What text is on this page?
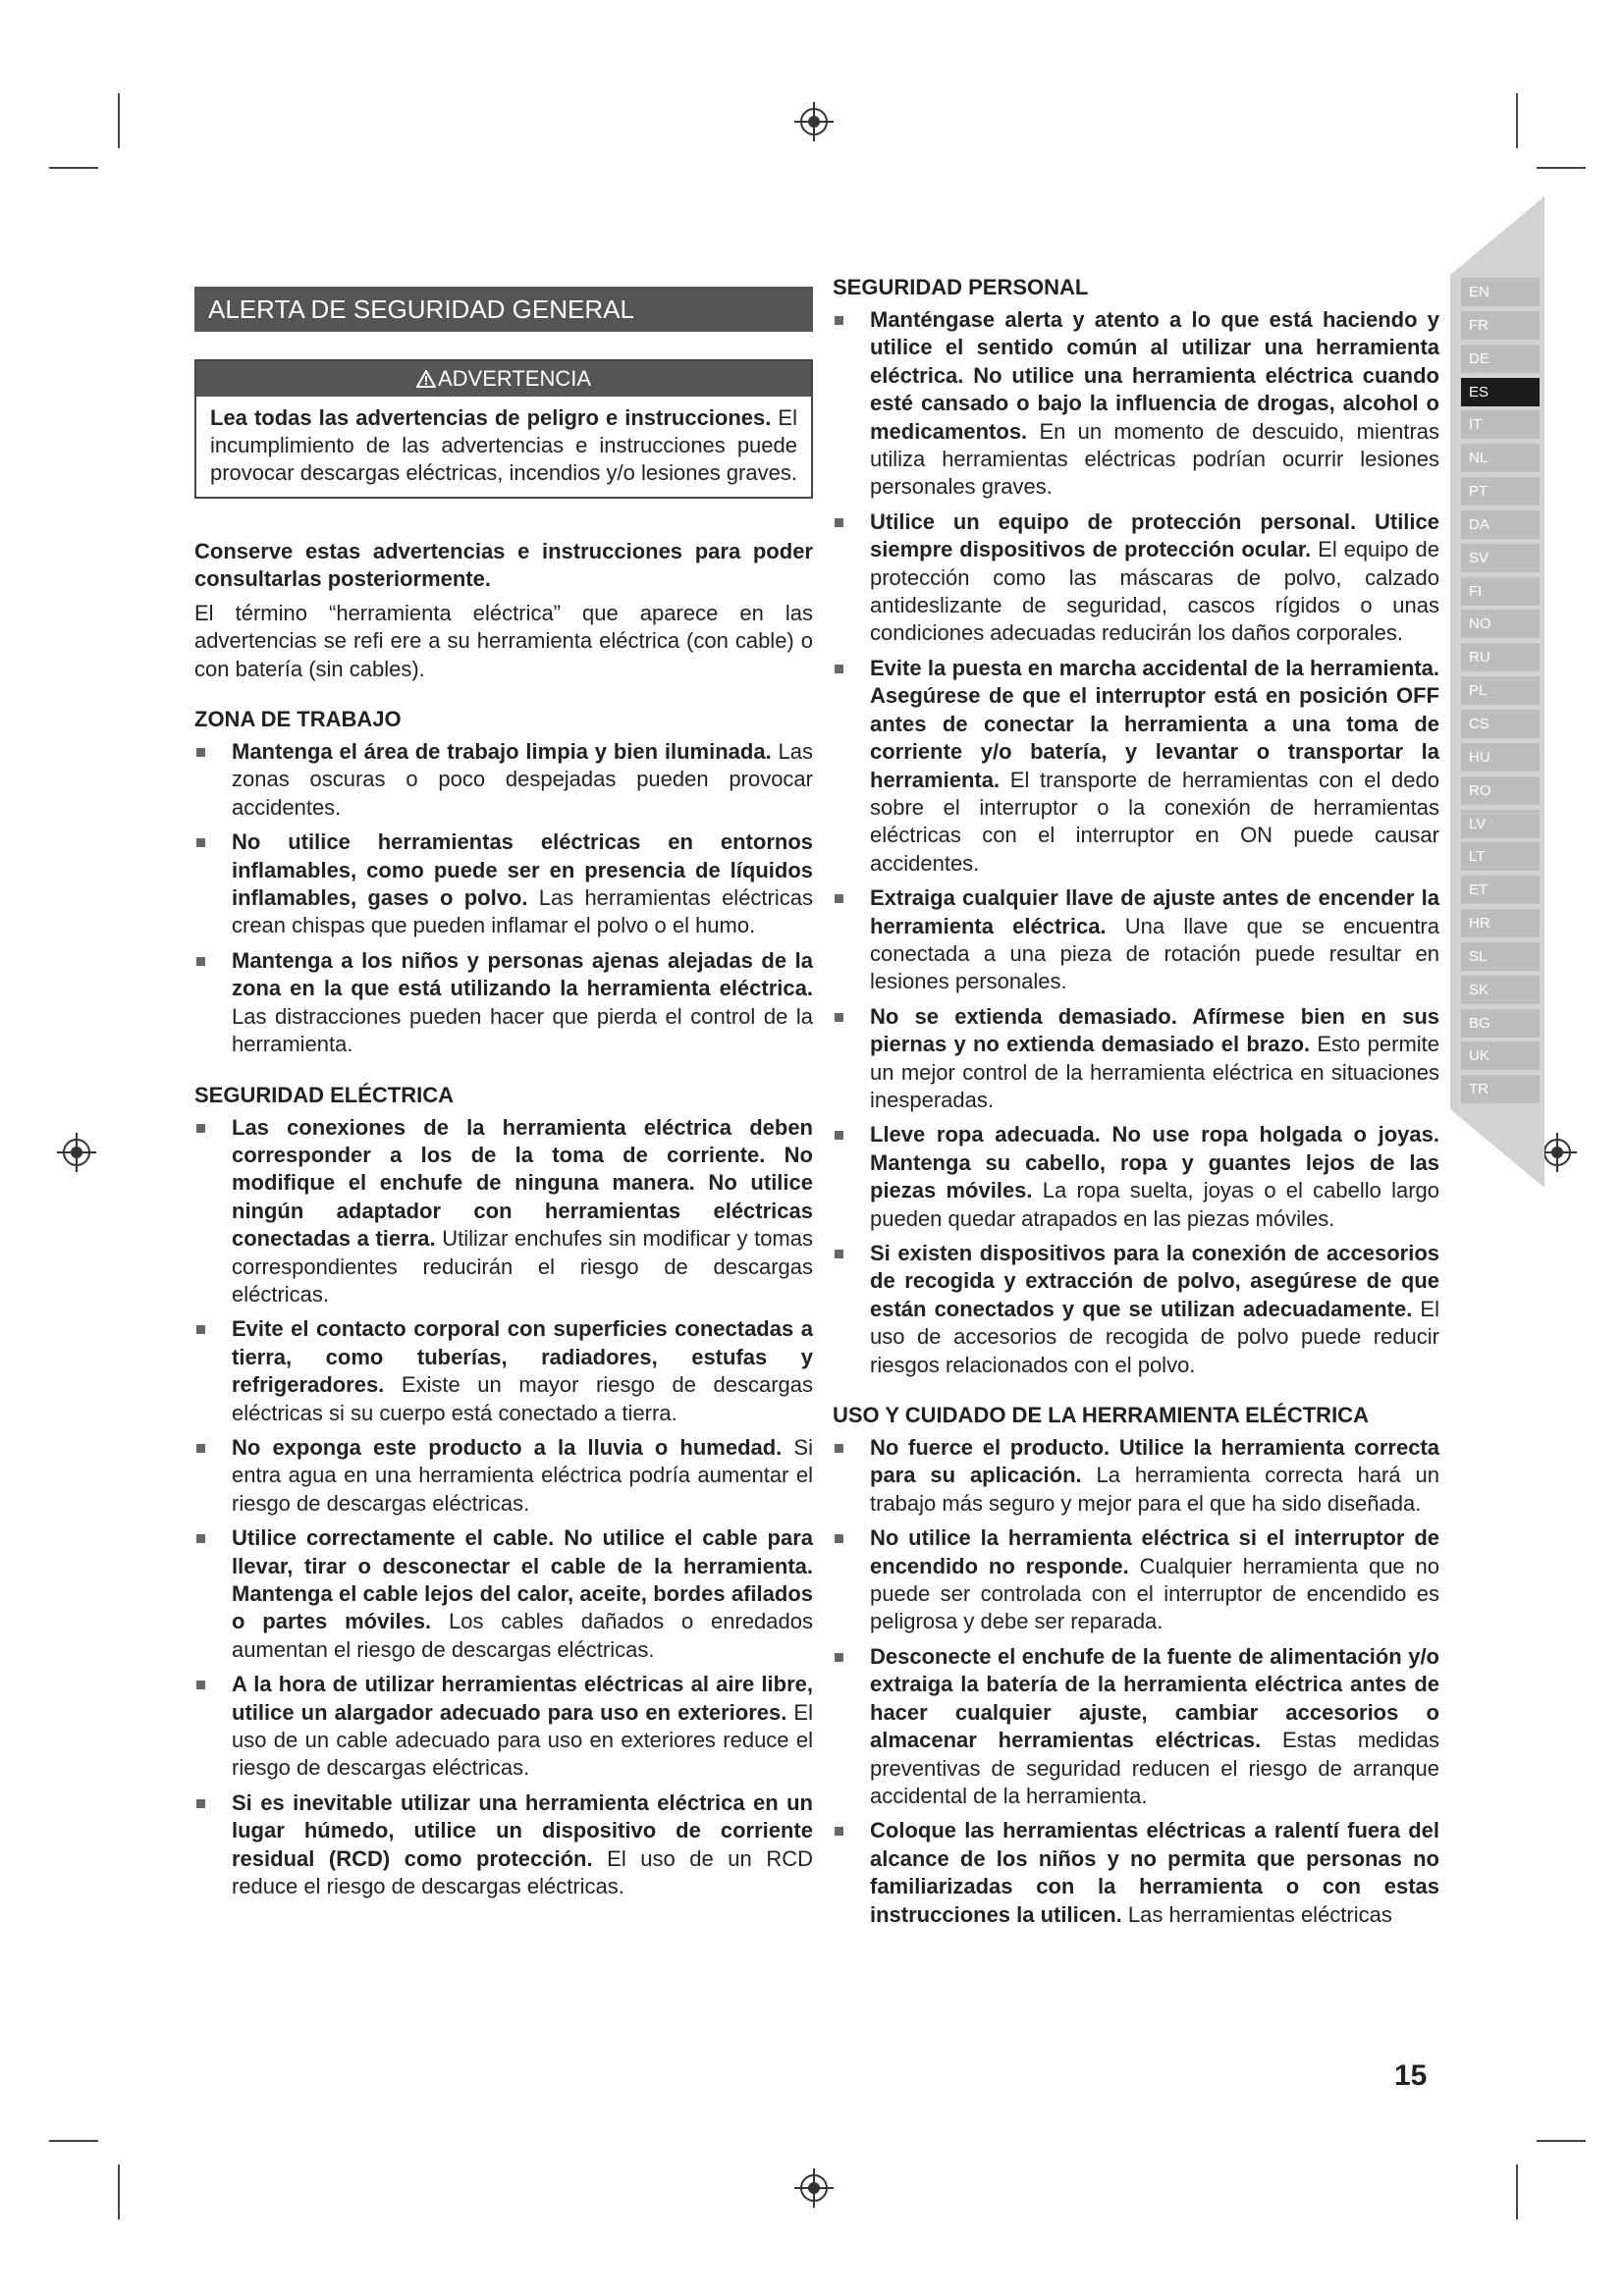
ALERTA DE SEGURIDAD GENERAL
ADVERTENCIA
Lea todas las advertencias de peligro e instrucciones. El incumplimiento de las advertencias e instrucciones puede provocar descargas eléctricas, incendios y/o lesiones graves.

Conserve estas advertencias e instrucciones para poder consultarlas posteriormente.

El término “herramienta eléctrica” que aparece en las advertencias se refi ere a su herramienta eléctrica (con cable) o con batería (sin cables).

ZONA DE TRABAJO
Mantenga el área de trabajo limpia y bien iluminada. Las zonas oscuras o poco despejadas pueden provocar accidentes.
No utilice herramientas eléctricas en entornos inflamables, como puede ser en presencia de líquidos inflamables, gases o polvo. Las herramientas eléctricas crean chispas que pueden inflamar el polvo o el humo.
Mantenga a los niños y personas ajenas alejadas de la zona en la que está utilizando la herramienta eléctrica. Las distracciones pueden hacer que pierda el control de la herramienta.
SEGURIDAD ELÉCTRICA
Las conexiones de la herramienta eléctrica deben corresponder a los de la toma de corriente. No modifique el enchufe de ninguna manera. No utilice ningún adaptador con herramientas eléctricas conectadas a tierra. Utilizar enchufes sin modificar y tomas correspondientes reducirán el riesgo de descargas eléctricas.
Evite el contacto corporal con superficies conectadas a tierra, como tuberías, radiadores, estufas y refrigeradores. Existe un mayor riesgo de descargas eléctricas si su cuerpo está conectado a tierra.
No exponga este producto a la lluvia o humedad. Si entra agua en una herramienta eléctrica podría aumentar el riesgo de descargas eléctricas.
Utilice correctamente el cable. No utilice el cable para llevar, tirar o desconectar el cable de la herramienta. Mantenga el cable lejos del calor, aceite, bordes afilados o partes móviles. Los cables dañados o enredados aumentan el riesgo de descargas eléctricas.
A la hora de utilizar herramientas eléctricas al aire libre, utilice un alargador adecuado para uso en exteriores. El uso de un cable adecuado para uso en exteriores reduce el riesgo de descargas eléctricas.
Si es inevitable utilizar una herramienta eléctrica en un lugar húmedo, utilice un dispositivo de corriente residual (RCD) como protección. El uso de un RCD reduce el riesgo de descargas eléctricas.
SEGURIDAD PERSONAL
Manténgase alerta y atento a lo que está haciendo y utilice el sentido común al utilizar una herramienta eléctrica. No utilice una herramienta eléctrica cuando esté cansado o bajo la influencia de drogas, alcohol o medicamentos. En un momento de descuido, mientras utiliza herramientas eléctricas podrían ocurrir lesiones personales graves.
Utilice un equipo de protección personal. Utilice siempre dispositivos de protección ocular. El equipo de protección como las máscaras de polvo, calzado antideslizante de seguridad, cascos rígidos o unas condiciones adecuadas reducirán los daños corporales.
Evite la puesta en marcha accidental de la herramienta. Asegúrese de que el interruptor está en posición OFF antes de conectar la herramienta a una toma de corriente y/o batería, y levantar o transportar la herramienta. El transporte de herramientas con el dedo sobre el interruptor o la conexión de herramientas eléctricas con el interruptor en ON puede causar accidentes.
Extraiga cualquier llave de ajuste antes de encender la herramienta eléctrica. Una llave que se encuentra conectada a una pieza de rotación puede resultar en lesiones personales.
No se extienda demasiado. Afírmese bien en sus piernas y no extienda demasiado el brazo. Esto permite un mejor control de la herramienta eléctrica en situaciones inesperadas.
Lleve ropa adecuada. No use ropa holgada o joyas. Mantenga su cabello, ropa y guantes lejos de las piezas móviles. La ropa suelta, joyas o el cabello largo pueden quedar atrapados en las piezas móviles.
Si existen dispositivos para la conexión de accesorios de recogida y extracción de polvo, asegúrese de que están conectados y que se utilizan adecuadamente. El uso de accesorios de recogida de polvo puede reducir riesgos relacionados con el polvo.
USO Y CUIDADO DE LA HERRAMIENTA ELÉCTRICA
No fuerce el producto. Utilice la herramienta correcta para su aplicación. La herramienta correcta hará un trabajo más seguro y mejor para el que ha sido diseñada.
No utilice la herramienta eléctrica si el interruptor de encendido no responde. Cualquier herramienta que no puede ser controlada con el interruptor de encendido es peligrosa y debe ser reparada.
Desconecte el enchufe de la fuente de alimentación y/o extraiga la batería de la herramienta eléctrica antes de hacer cualquier ajuste, cambiar accesorios o almacenar herramientas eléctricas. Estas medidas preventivas de seguridad reducen el riesgo de arranque accidental de la herramienta.
Coloque las herramientas eléctricas a ralentí fuera del alcance de los niños y no permita que personas no familiarizadas con la herramienta o con estas instrucciones la utilicen. Las herramientas eléctricas
EN
FR
DE
ES
IT
NL
PT
DA
SV
FI
NO
RU
PL
CS
HU
RO
LV
LT
ET
HR
SL
SK
BG
UK
TR
15
